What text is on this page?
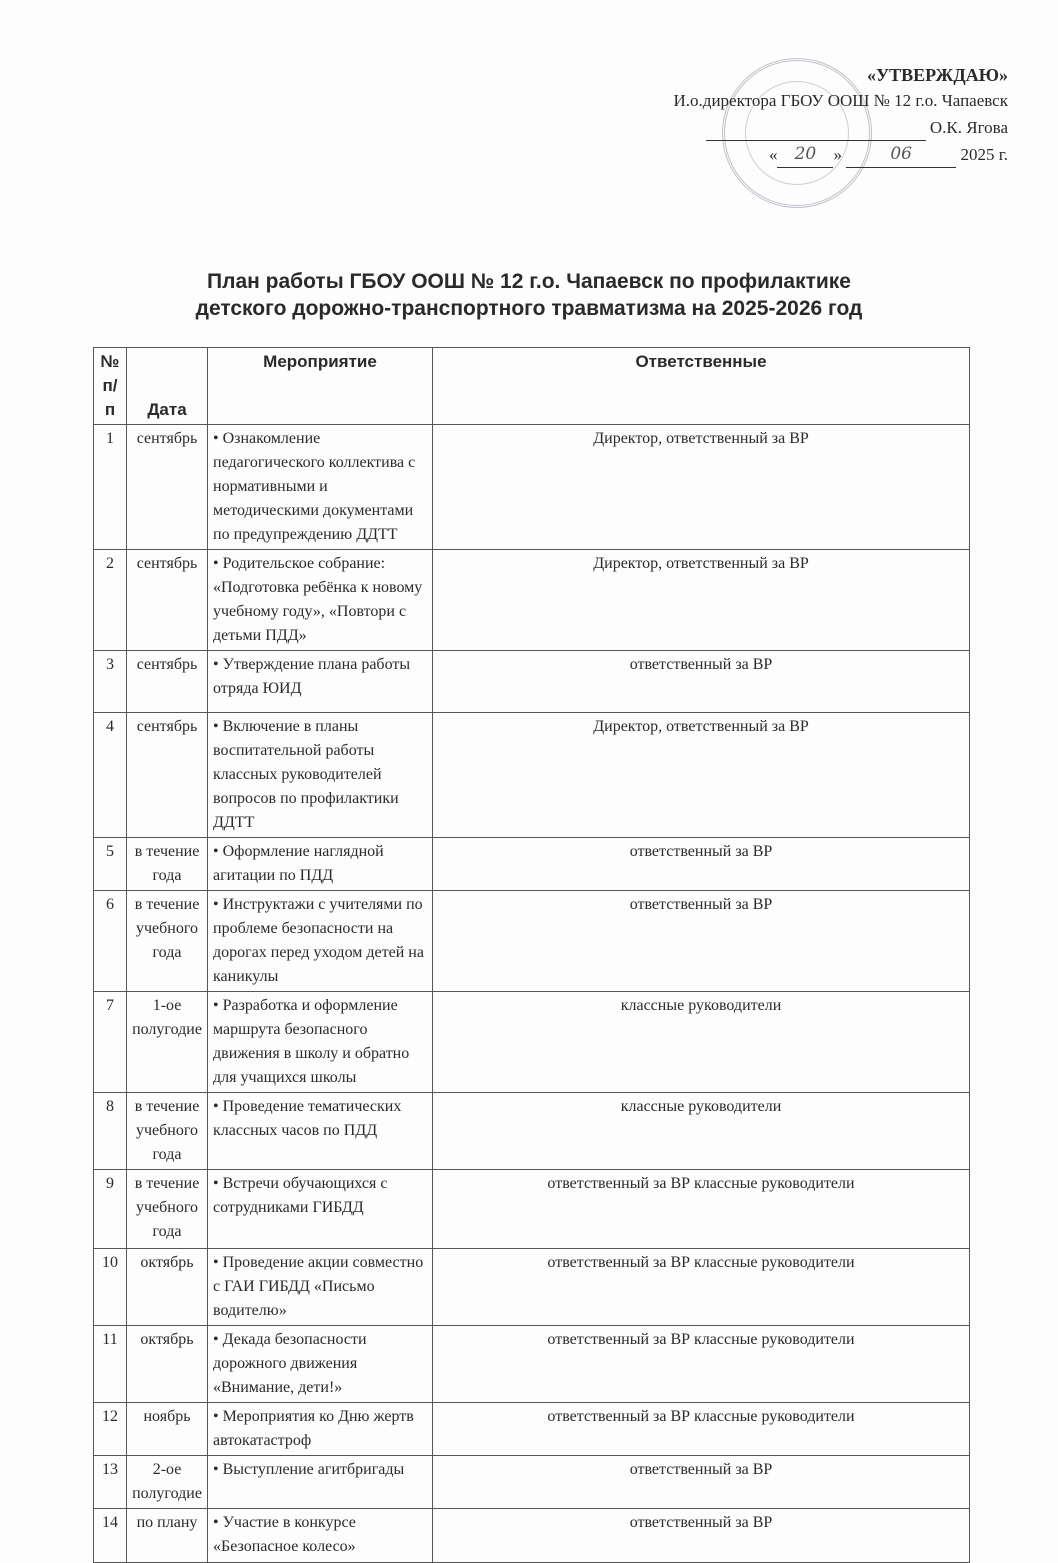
«УТВЕРЖДАЮ»
И.о.директора ГБОУ ООШ № 12 г.о. Чапаевск
О.К. Ягова
« 20 »	06	2025 г.
План работы ГБОУ ООШ № 12 г.о. Чапаевск по профилактике
детского дорожно-транспортного травматизма на 2025-2026 год
№ п/п	Дата	Мероприятие	Ответственные
1	сентябрь	• Ознакомление педагогического коллектива с нормативными и методическими документами по предупреждению ДДТТ	Директор, ответственный за ВР
2	сентябрь	• Родительское собрание: «Подготовка ребёнка к новому учебному году», «Повтори с детьми ПДД»	Директор, ответственный за ВР
3	сентябрь	• Утверждение плана работы отряда ЮИД	ответственный за ВР
4	сентябрь	• Включение в планы воспитательной работы классных руководителей вопросов по профилактики ДДТТ	Директор, ответственный за ВР
5	в течение года	• Оформление наглядной агитации по ПДД	ответственный за ВР
6	в течение учебного года	• Инструктажи с учителями по проблеме безопасности на дорогах перед уходом детей на каникулы	ответственный за ВР
7	1-ое полугодие	• Разработка и оформление маршрута безопасного движения в школу и обратно для учащихся школы	классные руководители
8	в течение учебного года	• Проведение тематических классных часов по ПДД	классные руководители
9	в течение учебного года	• Встречи обучающихся с сотрудниками ГИБДД	ответственный за ВР классные руководители
10	октябрь	• Проведение акции совместно с ГАИ ГИБДД «Письмо водителю»	ответственный за ВР классные руководители
11	октябрь	• Декада безопасности дорожного движения «Внимание, дети!»	ответственный за ВР классные руководители
12	ноябрь	• Мероприятия ко Дню жертв автокатастроф	ответственный за ВР классные руководители
13	2-ое полугодие	• Выступление агитбригады	ответственный за ВР
14	по плану	• Участие в конкурсе «Безопасное колесо»	ответственный за ВР
